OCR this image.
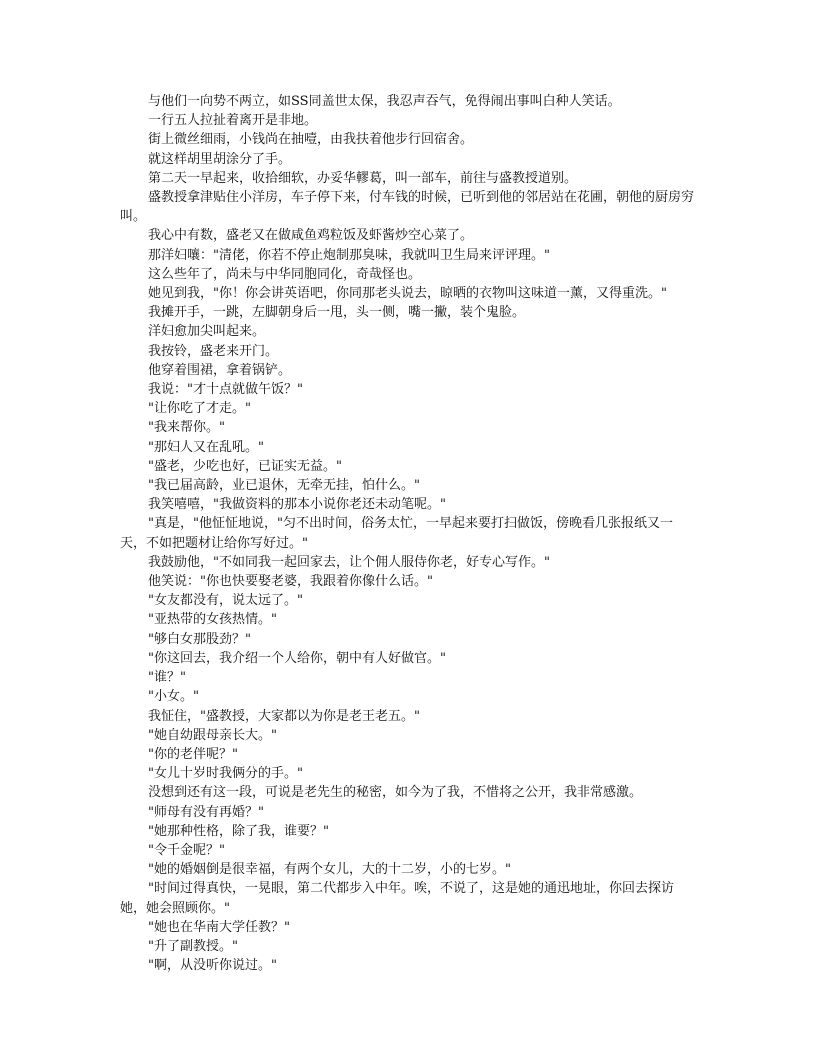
与他们一向势不两立，如SS同盖世太保，我忍声吞气，免得闹出事叫白种人笑话。

一行五人拉扯着离开是非地。

街上微丝细雨，小钱尚在抽噎，由我扶着他步行回宿舍。

就这样胡里胡涂分了手。

第二天一早起来，收拾细软，办妥华轇葛，叫一部车，前往与盛教授道别。

盛教授拿津贴住小洋房，车子停下来，付车钱的时候，已听到他的邻居站在花圃，朝他的厨房穷叫。

我心中有数，盛老又在做咸鱼鸡粒饭及虾酱炒空心菜了。

那洋妇嚷："清佬，你若不停止炮制那臭味，我就叫卫生局来评评理。"

这么些年了，尚未与中华同胞同化，奇哉怪也。

她见到我，"你！你会讲英语吧，你同那老头说去，晾晒的衣物叫这味道一薰，又得重洗。"

我摊开手，一跳，左脚朝身后一甩，头一侧，嘴一撇，装个鬼脸。

洋妇愈加尖叫起来。

我按铃，盛老来开门。

他穿着围裙，拿着锅铲。

我说："才十点就做午饭？"

"让你吃了才走。"

"我来帮你。"

"那妇人又在乱吼。"

"盛老，少吃也好，已证实无益。"

"我已届高龄，业已退休，无牵无挂，怕什么。"

我笑嘻嘻，"我做资料的那本小说你老还未动笔呢。"

"真是，"他怔怔地说，"匀不出时间，俗务太忙，一早起来要打扫做饭，傍晚看几张报纸又一天，不如把题材让给你写好过。"

我鼓励他，"不如同我一起回家去，让个佣人服侍你老，好专心写作。"

他笑说："你也快要娶老婆，我跟着你像什么话。"

"女友都没有，说太远了。"

"亚热带的女孩热情。"

"够白女那股劲？"

"你这回去，我介绍一个人给你，朝中有人好做官。"

"谁？"

"小女。"

我怔住，"盛教授，大家都以为你是老王老五。"

"她自幼跟母亲长大。"

"你的老伴呢？"

"女儿十岁时我俩分的手。"

没想到还有这一段，可说是老先生的秘密，如今为了我，不惜将之公开，我非常感激。

"师母有没有再婚？"

"她那种性格，除了我，谁要？"

"令千金呢？"

"她的婚姻倒是很幸福，有两个女儿，大的十二岁，小的七岁。"

"时间过得真快，一晃眼，第二代都步入中年。唉，不说了，这是她的通迅地址，你回去探访她，她会照顾你。"

"她也在华南大学任教？"

"升了副教授。"

"啊，从没听你说过。"
